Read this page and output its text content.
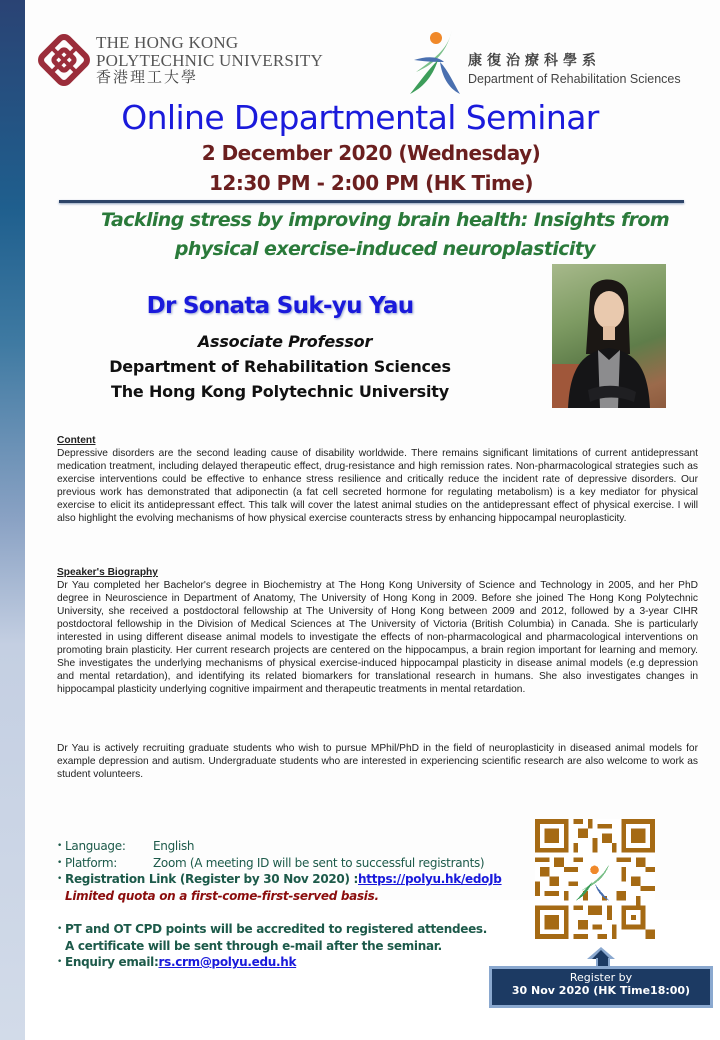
THE HONG KONG
POLYTECHNIC UNIVERSITY
香港理工大學
康復治療科學系
Department of Rehabilitation Sciences
Online Departmental Seminar
2 December 2020 (Wednesday)
12:30 PM - 2:00 PM (HK Time)
Tackling stress by improving brain health: Insights from
physical exercise-induced neuroplasticity
Dr Sonata Suk-yu Yau
Associate Professor
Department of Rehabilitation Sciences
The Hong Kong Polytechnic University
Content
Depressive disorders are the second leading cause of disability worldwide. There remains significant limitations of current antidepressant medication treatment, including delayed therapeutic effect, drug-resistance and high remission rates. Non-pharmacological strategies such as exercise interventions could be effective to enhance stress resilience and critically reduce the incident rate of depressive disorders. Our previous work has demonstrated that adiponectin (a fat cell secreted hormone for regulating metabolism) is a key mediator for physical exercise to elicit its antidepressant effect. This talk will cover the latest animal studies on the antidepressant effect of physical exercise. I will also highlight the evolving mechanisms of how physical exercise counteracts stress by enhancing hippocampal neuroplasticity.
Speaker's Biography
Dr Yau completed her Bachelor's degree in Biochemistry at The Hong Kong University of Science and Technology in 2005, and her PhD degree in Neuroscience in Department of Anatomy, The University of Hong Kong in 2009. Before she joined The Hong Kong Polytechnic University, she received a postdoctoral fellowship at The University of Hong Kong between 2009 and 2012, followed by a 3-year CIHR postdoctoral fellowship in the Division of Medical Sciences at The University of Victoria (British Columbia) in Canada. She is particularly interested in using different disease animal models to investigate the effects of non-pharmacological and pharmacological interventions on promoting brain plasticity. Her current research projects are centered on the hippocampus, a brain region important for learning and memory. She investigates the underlying mechanisms of physical exercise-induced hippocampal plasticity in disease animal models (e.g depression and mental retardation), and identifying its related biomarkers for translational research in humans. She also investigates changes in hippocampal plasticity underlying cognitive impairment and therapeutic treatments in mental retardation.
Dr Yau is actively recruiting graduate students who wish to pursue MPhil/PhD in the field of neuroplasticity in diseased animal models for example depression and autism. Undergraduate students who are interested in experiencing scientific research are also welcome to work as student volunteers.
• Language:	English
• Platform:	Zoom (A meeting ID will be sent to successful registrants)
• Registration Link (Register by 30 Nov 2020) : https://polyu.hk/edoJb
Limited quota on a first-come-first-served basis.
• PT and OT CPD points will be accredited to registered attendees.
A certificate will be sent through e-mail after the seminar.
• Enquiry email: rs.crm@polyu.edu.hk
Register by
30 Nov 2020 (HK Time18:00)
